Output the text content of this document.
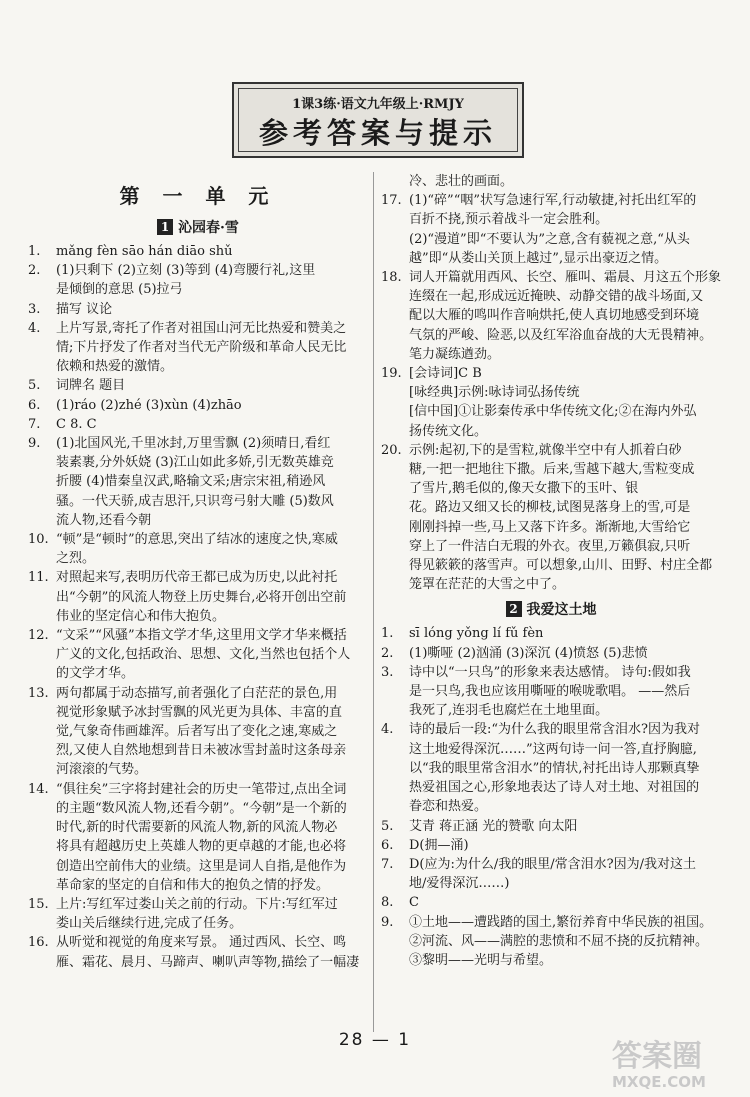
1课3练·语文九年级上·RMJY
参考答案与提示
第 一 单 元
1 沁园春·雪
1.	mǎng fèn sāo hán diāo shǔ
2.	(1)只剩下 (2)立刻 (3)等到 (4)弯腰行礼,这里
是倾倒的意思 (5)拉弓
3.	描写 议论
4.	上片写景,寄托了作者对祖国山河无比热爱和赞美之
情;下片抒发了作者对当代无产阶级和革命人民无比
依赖和热爱的激情。
5.	词牌名 题目
6.	(1)ráo (2)zhé (3)xùn (4)zhāo
7.	C 8. C
9.	(1)北国风光,千里冰封,万里雪飘 (2)须晴日,看红
装素裹,分外妖娆 (3)江山如此多娇,引无数英雄竞
折腰 (4)惜秦皇汉武,略输文采;唐宗宋祖,稍逊风
骚。一代天骄,成吉思汗,只识弯弓射大雕 (5)数风
流人物,还看今朝
10. “顿”是“顿时”的意思,突出了结冰的速度之快,寒威
之烈。
11. 对照起来写,表明历代帝王都已成为历史,以此衬托
出“今朝”的风流人物登上历史舞台,必将开创出空前
伟业的坚定信心和伟大抱负。
12. “文采”“风骚”本指文学才华,这里用文学才华来概括
广义的文化,包括政治、思想、文化,当然也包括个人
的文学才华。
13. 两句都属于动态描写,前者强化了白茫茫的景色,用
视觉形象赋予冰封雪飘的风光更为具体、丰富的直
觉,气象奇伟画雄浑。后者写出了变化之速,寒威之
烈,又使人自然地想到昔日未被冰雪封盖时这条母亲
河滚滚的气势。
14. “俱往矣”三字将封建社会的历史一笔带过,点出全词
的主题“数风流人物,还看今朝”。“今朝”是一个新的
时代,新的时代需要新的风流人物,新的风流人物必
将具有超越历史上英雄人物的更卓越的才能,也必将
创造出空前伟大的业绩。这里是词人自指,是他作为
革命家的坚定的自信和伟大的抱负之情的抒发。
15. 上片:写红军过娄山关之前的行动。下片:写红军过
娄山关后继续行进,完成了任务。
16. 从听觉和视觉的角度来写景。 通过西风、长空、鸣
雁、霜花、晨月、马蹄声、喇叭声等物,描绘了一幅凄
冷、悲壮的画面。
17. (1)“碎”“咽”状写急速行军,行动敏捷,衬托出红军的
百折不挠,预示着战斗一定会胜利。
(2)“漫道”即“不要认为”之意,含有藐视之意,“从头
越”即“从娄山关顶上越过”,显示出豪迈之情。
18. 词人开篇就用西风、长空、雁叫、霜晨、月这五个形象
连缀在一起,形成远近掩映、动静交错的战斗场面,又
配以大雁的鸣叫作音响烘托,使人真切地感受到环境
气氛的严峻、险恶,以及红军浴血奋战的大无畏精神。
笔力凝练遒劲。
19. [会诗词]C B
[咏经典]示例:咏诗词弘扬传统
[信中国]①让影秦传承中华传统文化;②在海内外弘
扬传统文化。
20. 示例:起初,下的是雪粒,就像半空中有人抓着白砂
糖,一把一把地往下撒。后来,雪越下越大,雪粒变成
了雪片,鹅毛似的,像天女撒下的玉叶、银
花。路边又细又长的柳枝,试图晃落身上的雪,可是
刚刚抖掉一些,马上又落下许多。渐渐地,大雪给它
穿上了一件洁白无瑕的外衣。夜里,万籁俱寂,只听
得见簌簌的落雪声。可以想象,山川、田野、村庄全都
笼罩在茫茫的大雪之中了。
2 我爱这土地
1.	sī lóng yǒng lí fǔ fèn
2.	(1)嘶哑 (2)汹涌 (3)深沉 (4)愤怒 (5)悲愤
3.	诗中以“一只鸟”的形象来表达感情。 诗句:假如我
是一只鸟,我也应该用嘶哑的喉咙歌唱。 ——然后
我死了,连羽毛也腐烂在土地里面。
4.	诗的最后一段:“为什么我的眼里常含泪水?因为我对
这土地爱得深沉……”这两句诗一问一答,直抒胸臆,
以“我的眼里常含泪水”的情状,衬托出诗人那颗真挚
热爱祖国之心,形象地表达了诗人对土地、对祖国的
眷恋和热爱。
5.	艾青 蒋正涵 光的赞歌 向太阳
6.	D(拥—涌)
7.	D(应为:为什么/我的眼里/常含泪水?因为/我对这土
地/爱得深沉……)
8.	C
9.	①土地——遭践踏的国土,繁衍养育中华民族的祖国。
②河流、风——满腔的悲愤和不屈不挠的反抗精神。
③黎明——光明与希望。
28 — 1	答案圈
MXQE.COM
